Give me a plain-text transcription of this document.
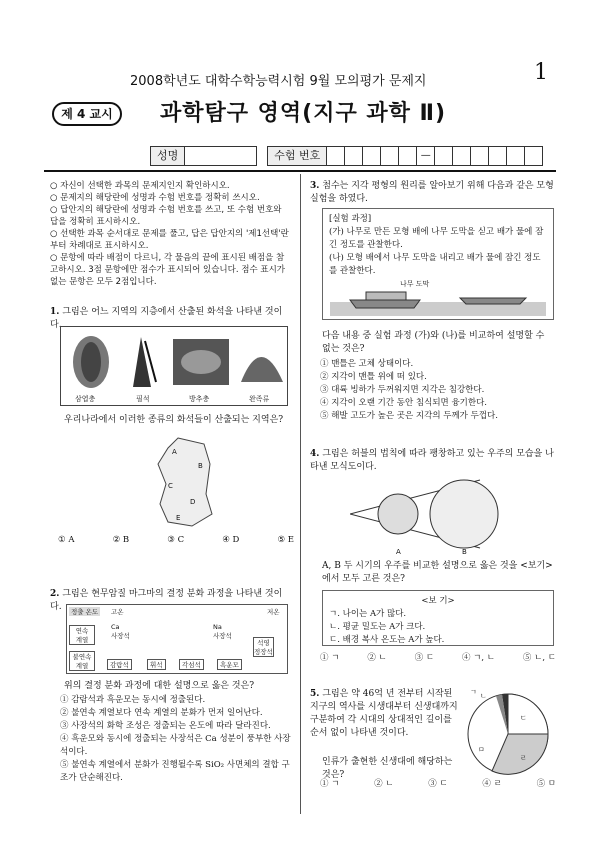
2008학년도 대학수학능력시험 9월 모의평가 문제지	1
제 4 교시	과학탐구 영역(지구 과학 Ⅱ)
성명	수험 번호	—
○ 자신이 선택한 과목의 문제지인지 확인하시오.
○ 문제지의 해당란에 성명과 수험 번호를 정확히 쓰시오.
○ 답안지의 해당란에 성명과 수험 번호를 쓰고, 또 수험 번호와 답을 정확히 표시하시오.
○ 선택한 과목 순서대로 문제를 풀고, 답은 답안지의 '제1선택'란부터 차례대로 표시하시오.
○ 문항에 따라 배점이 다르니, 각 물음의 끝에 표시된 배점을 참고하시오. 3점 문항에만 점수가 표시되어 있습니다. 점수 표시가 없는 문항은 모두 2점입니다.
1. 그림은 어느 지역의 지층에서 산출된 화석을 나타낸 것이다.
삼엽충	필석	방추충	완족류
우리나라에서 이러한 종류의 화석들이 산출되는 지역은?
A
B
C
D
E
① A	② B	③ C	④ D	⑤ E
2. 그림은 현무암질 마그마의 결정 분화 과정을 나타낸 것이다.	정출 온도	고온	저온
연속
계열
불연속
계열
Ca
사장석
Na
사장석
석영
정장석
감람석	휘석	각섬석	흑운모
위의 결정 분화 과정에 대한 설명으로 옳은 것은?
① 감람석과 흑운모는 동시에 정출된다.
② 불연속 계열보다 연속 계열의 분화가 먼저 일어난다.
③ 사장석의 화학 조성은 정출되는 온도에 따라 달라진다.
④ 흑운모와 동시에 정출되는 사장석은 Ca 성분이 풍부한 사장석이다.
⑤ 불연속 계열에서 분화가 진행될수록 SiO₂ 사면체의 결합 구조가 단순해진다.
3. 첨수는 지각 평형의 원리를 알아보기 위해 다음과 같은 모형 실험을 하였다.
[실험 과정]
(가) 나무로 만든 모형 배에 나무 도막을 싣고 배가 물에 잠긴 정도를 관찰한다.
(나) 모형 배에서 나무 도막을 내리고 배가 물에 잠긴 정도를 관찰한다.
나무 도막
다음 내용 중 실험 과정 (가)와 (나)를 비교하여 설명할 수 없는 것은?
① 맨틀은 고체 상태이다.
② 지각이 맨틀 위에 떠 있다.
③ 대륙 빙하가 두꺼워지면 지각은 침강한다.
④ 지각이 오랜 기간 동안 침식되면 융기한다.
⑤ 해발 고도가 높은 곳은 지각의 두께가 두껍다.
4. 그림은 허블의 법칙에 따라 팽창하고 있는 우주의 모습을 나타낸 모식도이다.
A	B
A, B 두 시기의 우주를 비교한 설명으로 옳은 것을 <보기>에서 모두 고른 것은?
<보 기>
ㄱ. 나이는 A가 많다.
ㄴ. 평균 밀도는 A가 크다.
ㄷ. 배경 복사 온도는 A가 높다.
① ㄱ	② ㄴ	③ ㄷ	④ ㄱ, ㄴ	⑤ ㄴ, ㄷ
5. 그림은 약 46억 년 전부터 시작된 지구의 역사를 시생대부터 신생대까지 구분하여 각 시대의 상대적인 길이를 순서 없이 나타낸 것이다.
인류가 출현한 신생대에 해당하는 것은?
ㄱ ㄴ
ㄷ
ㄹ
ㅁ
① ㄱ	② ㄴ	③ ㄷ	④ ㄹ	⑤ ㅁ
